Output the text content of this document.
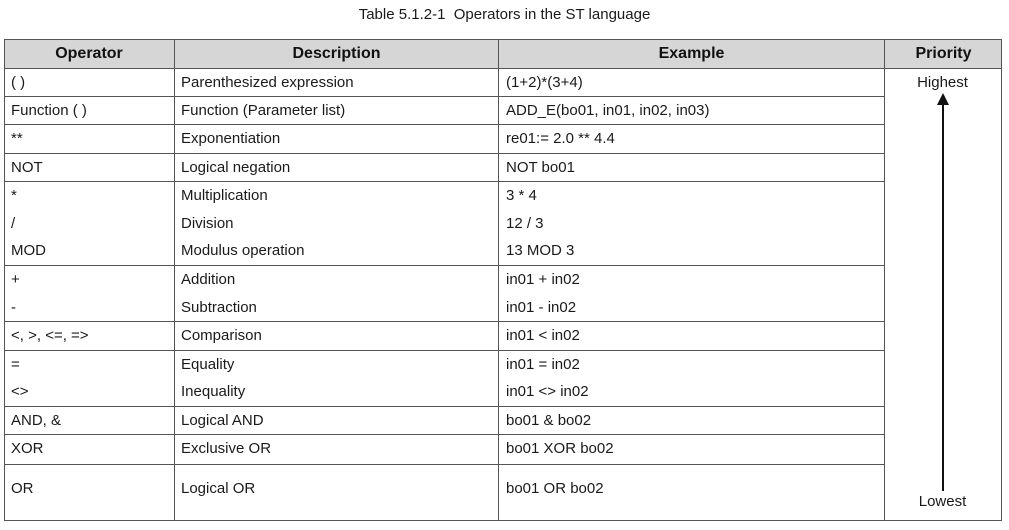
Table 5.1.2-1  Operators in the ST language
Operator	Description	Example	Priority
( )	Parenthesized expression	(1+2)*(3+4)
Function ( )	Function (Parameter list)	ADD_E(bo01, in01, in02, in03)
**	Exponentiation	re01:= 2.0 ** 4.4
NOT	Logical negation	NOT bo01
*	Multiplication	3 * 4
/	Division	12 / 3
MOD	Modulus operation	13 MOD 3
+	Addition	in01 + in02
-	Subtraction	in01 - in02
<, >, <=, =>	Comparison	in01 < in02
=	Equality	in01 = in02
<>	Inequality	in01 <> in02
AND, &	Logical AND	bo01 & bo02
XOR	Exclusive OR	bo01 XOR bo02
OR	Logical OR	bo01 OR bo02
Highest
Lowest
